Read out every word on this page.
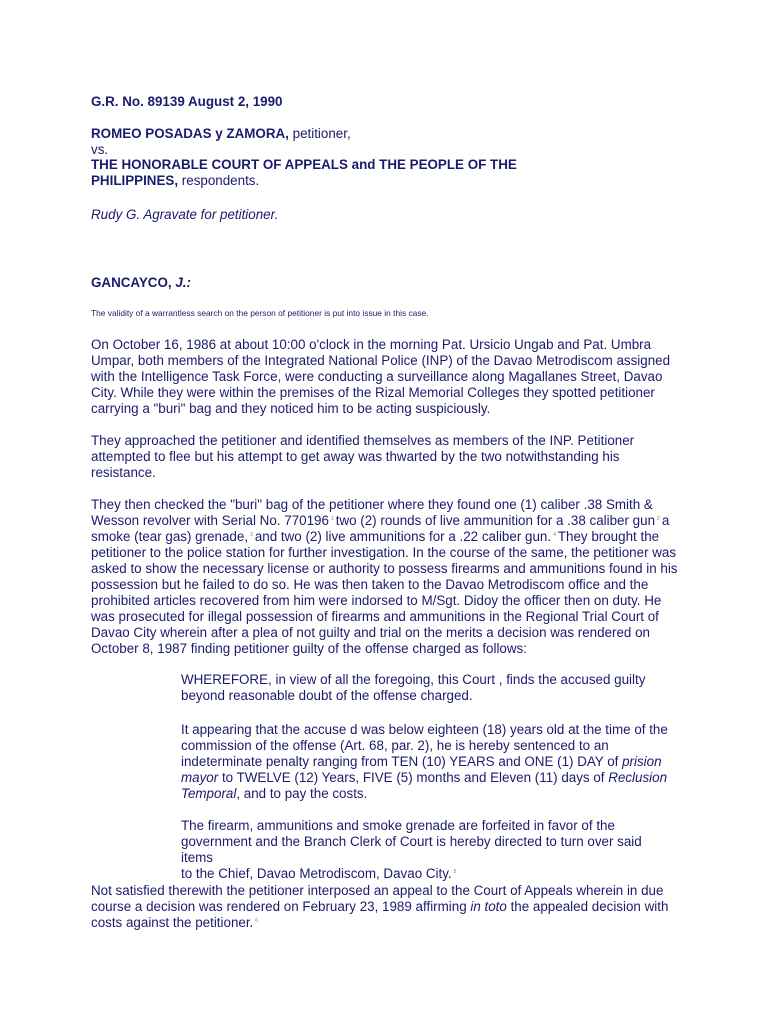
G.R. No. 89139 August 2, 1990
ROMEO POSADAS y ZAMORA, petitioner,
vs.
THE HONORABLE COURT OF APPEALS and THE PEOPLE OF THE
PHILIPPINES, respondents.
Rudy G. Agravate for petitioner.
GANCAYCO, J.:
The validity of a warrantless search on the person of petitioner is put into issue in this case.
On October 16, 1986 at about 10:00 o'clock in the morning Pat. Ursicio Ungab and Pat. Umbra
Umpar, both members of the Integrated National Police (INP) of the Davao Metrodiscom assigned
with the Intelligence Task Force, were conducting a surveillance along Magallanes Street, Davao
City. While they were within the premises of the Rizal Memorial Colleges they spotted petitioner
carrying a "buri" bag and they noticed him to be acting suspiciously.
They approached the petitioner and identified themselves as members of the INP. Petitioner
attempted to flee but his attempt to get away was thwarted by the two notwithstanding his
resistance.
They then checked the "buri" bag of the petitioner where they found one (1) caliber .38 Smith &
Wesson revolver with Serial No. 770196 $^1$ two (2) rounds of live ammunition for a .38 caliber gun $^2$ a
smoke (tear gas) grenade, $^3$ and two (2) live ammunitions for a .22 caliber gun. $^4$ They brought the
petitioner to the police station for further investigation. In the course of the same, the petitioner was
asked to show the necessary license or authority to possess firearms and ammunitions found in his
possession but he failed to do so. He was then taken to the Davao Metrodiscom office and the
prohibited articles recovered from him were indorsed to M/Sgt. Didoy the officer then on duty. He
was prosecuted for illegal possession of firearms and ammunitions in the Regional Trial Court of
Davao City wherein after a plea of not guilty and trial on the merits a decision was rendered on
October 8, 1987 finding petitioner guilty of the offense charged as follows:
WHEREFORE, in view of all the foregoing, this Court , finds the accused guilty
beyond reasonable doubt of the offense charged.
It appearing that the accuse d was below eighteen (18) years old at the time of the
commission of the offense (Art. 68, par. 2), he is hereby sentenced to an
indeterminate penalty ranging from TEN (10) YEARS and ONE (1) DAY of prision
mayor to TWELVE (12) Years, FIVE (5) months and Eleven (11) days of Reclusion
Temporal, and to pay the costs.
The firearm, ammunitions and smoke grenade are forfeited in favor of the
government and the Branch Clerk of Court is hereby directed to turn over said items
to the Chief, Davao Metrodiscom, Davao City. $^5$
Not satisfied therewith the petitioner interposed an appeal to the Court of Appeals wherein in due
course a decision was rendered on February 23, 1989 affirming in toto the appealed decision with
costs against the petitioner. $^6$
